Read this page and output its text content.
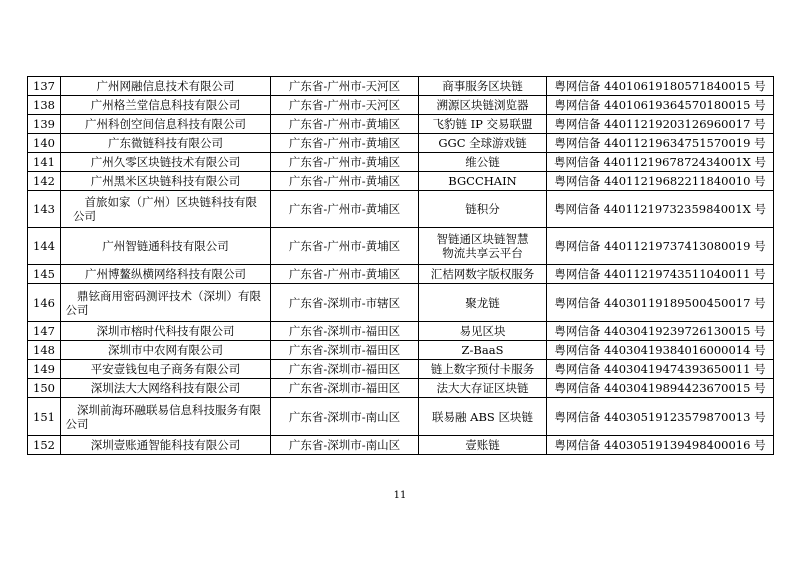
137	广州网融信息技术有限公司	广东省-广州市-天河区	商事服务区块链	粤网信备 44010619180571840015 号
138	广州格兰堂信息科技有限公司	广东省-广州市-天河区	溯源区块链浏览器	粤网信备 44010619364570180015 号
139	广州科创空间信息科技有限公司	广东省-广州市-黄埔区	飞豹链 IP 交易联盟	粤网信备 44011219203126960017 号
140	广东微链科技有限公司	广东省-广州市-黄埔区	GGC 全球游戏链	粤网信备 44011219634751570019 号
141	广州久零区块链技术有限公司	广东省-广州市-黄埔区	维公链	粤网信备 4401121967872434001X 号
142	广州黑米区块链科技有限公司	广东省-广州市-黄埔区	BGCCHAIN	粤网信备 44011219682211840010 号
143	首旅如家（广州）区块链科技有限公司	广东省-广州市-黄埔区	链积分	粤网信备 4401121973235984001X 号
144	广州智链通科技有限公司	广东省-广州市-黄埔区	智链通区块链智慧物流共享云平台	粤网信备 44011219737413080019 号
145	广州博鳌纵横网络科技有限公司	广东省-广州市-黄埔区	汇桔网数字版权服务	粤网信备 44011219743511040011 号
146	鼎铉商用密码测评技术（深圳）有限公司	广东省-深圳市-市辖区	聚龙链	粤网信备 44030119189500450017 号
147	深圳市榕时代科技有限公司	广东省-深圳市-福田区	易见区块	粤网信备 44030419239726130015 号
148	深圳市中农网有限公司	广东省-深圳市-福田区	Z-BaaS	粤网信备 44030419384016000014 号
149	平安壹钱包电子商务有限公司	广东省-深圳市-福田区	链上数字预付卡服务	粤网信备 44030419474393650011 号
150	深圳法大大网络科技有限公司	广东省-深圳市-福田区	法大大存证区块链	粤网信备 44030419894423670015 号
151	深圳前海环融联易信息科技服务有限公司	广东省-深圳市-南山区	联易融 ABS 区块链	粤网信备 44030519123579870013 号
152	深圳壹账通智能科技有限公司	广东省-深圳市-南山区	壹账链	粤网信备 44030519139498400016 号
11
